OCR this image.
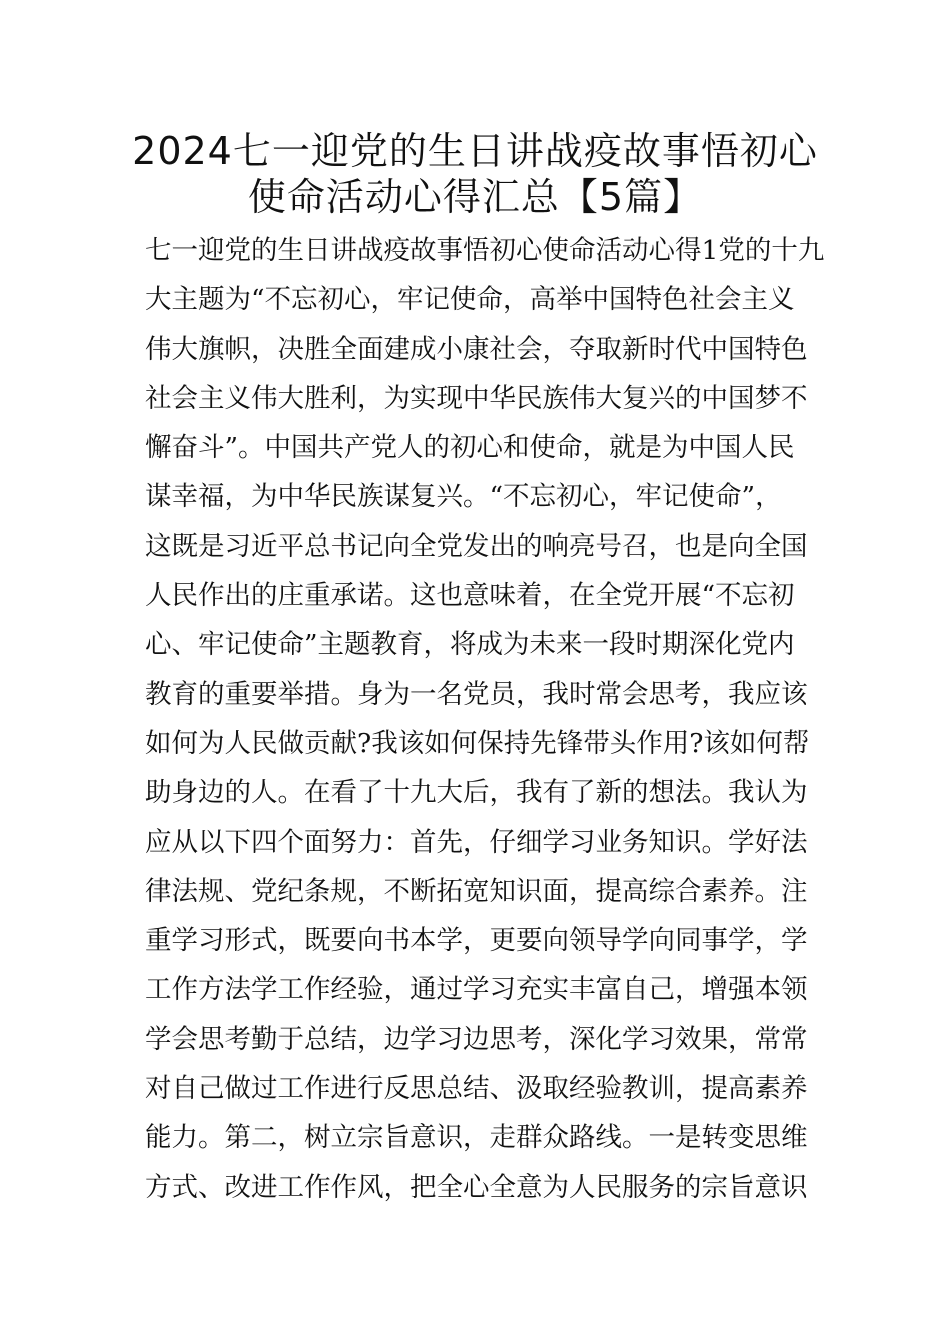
2024七一迎党的生日讲战疫故事悟初心
使命活动心得汇总【5篇】
七一迎党的生日讲战疫故事悟初心使命活动心得1党的十九
大主题为“不忘初心，牢记使命，高举中国特色社会主义
伟大旗帜，决胜全面建成小康社会，夺取新时代中国特色
社会主义伟大胜利，为实现中华民族伟大复兴的中国梦不
懈奋斗”。中国共产党人的初心和使命，就是为中国人民
谋幸福，为中华民族谋复兴。“不忘初心，牢记使命”，
这既是习近平总书记向全党发出的响亮号召，也是向全国
人民作出的庄重承诺。这也意味着，在全党开展“不忘初
心、牢记使命”主题教育，将成为未来一段时期深化党内
教育的重要举措。身为一名党员，我时常会思考，我应该
如何为人民做贡献?我该如何保持先锋带头作用?该如何帮
助身边的人。在看了十九大后，我有了新的想法。我认为
应从以下四个面努力：首先，仔细学习业务知识。学好法
律法规、党纪条规，不断拓宽知识面，提高综合素养。注
重学习形式，既要向书本学，更要向领导学向同事学，学
工作方法学工作经验，通过学习充实丰富自己，增强本领
学会思考勤于总结，边学习边思考，深化学习效果，常常
对自己做过工作进行反思总结、汲取经验教训，提高素养
能力。第二，树立宗旨意识，走群众路线。一是转变思维
方式、改进工作作风，把全心全意为人民服务的宗旨意识
